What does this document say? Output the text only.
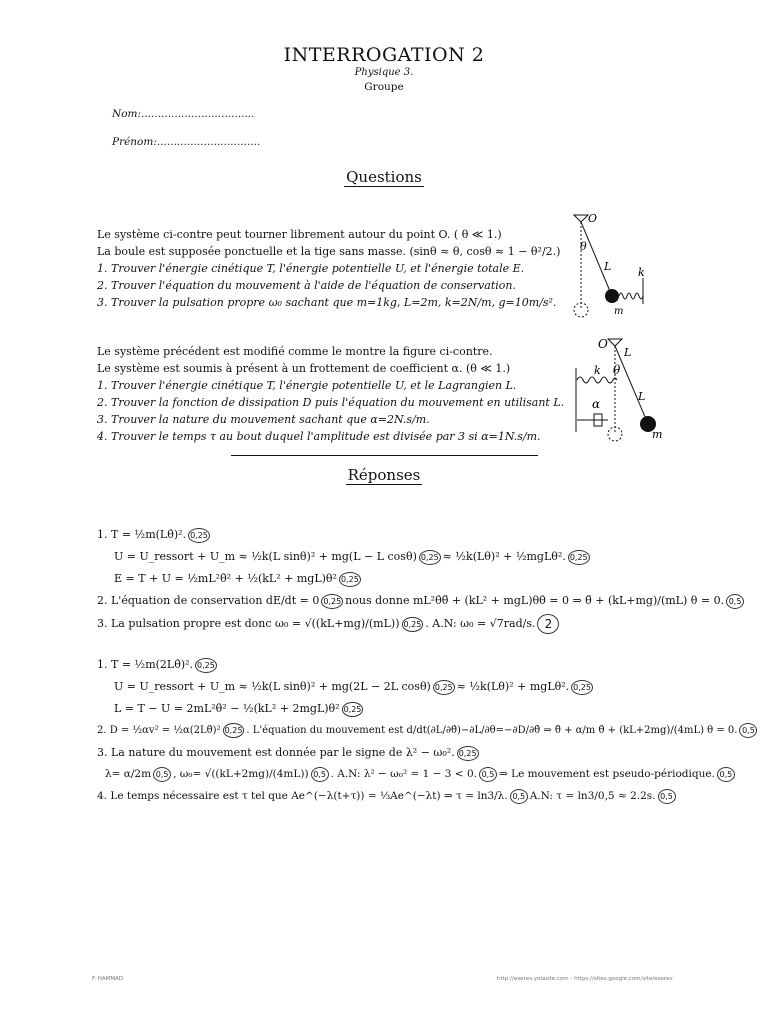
INTERROGATION 2
Physique 3.
Groupe
Nom:..................................
Prénom:...............................
Questions
Le système ci-contre peut tourner librement autour du point O. ( θ ≪ 1.)
La boule est supposée ponctuelle et la tige sans masse. (sinθ ≈ θ, cosθ ≈ 1 − θ²/2.)
1. Trouver l'énergie cinétique T, l'énergie potentielle U, et l'énergie totale E.
2. Trouver l'équation du mouvement à l'aide de l'équation de conservation.
3. Trouver la pulsation propre ω₀ sachant que m=1kg, L=2m, k=2N/m, g=10m/s².
O
θ
L k
m
Le système précédent est modifié comme le montre la figure ci-contre.
Le système est soumis à présent à un frottement de coefficient α. (θ ≪ 1.)
1. Trouver l'énergie cinétique T, l'énergie potentielle U, et le Lagrangien L.
2. Trouver la fonction de dissipation D puis l'équation du mouvement en utilisant L.
3. Trouver la nature du mouvement sachant que α=2N.s/m.
4. Trouver le temps τ au bout duquel l'amplitude est divisée par 3 si α=1N.s/m.
O
L
θ
k
L
α
m
Réponses
1. T = ½m(Lθ̇)². 0,25
U = U_ressort + U_m ≈ ½k(L sinθ)² + mg(L − L cosθ) 0,25 ≈ ½k(Lθ)² + ½mgLθ². 0,25
E = T + U = ½mL²θ̇² + ½(kL² + mgL)θ² 0,25
2. L'équation de conservation dE/dt = 0 0,25 nous donne mL²θ̇θ̈ + (kL² + mgL)θθ̇ = 0 ⇒ θ̈ + (kL+mg)/(mL) θ = 0. 0,5
3. La pulsation propre est donc ω₀ = √((kL+mg)/(mL)) 0,25 . A.N: ω₀ = √7rad/s. 2
1. T = ½m(2Lθ̇)². 0,25
U = U_ressort + U_m ≈ ½k(L sinθ)² + mg(2L − 2L cosθ) 0,25 ≈ ½k(Lθ)² + mgLθ². 0,25
L = T − U = 2mL²θ̇² − ½(kL² + 2mgL)θ² 0,25
2. D = ½αv² = ½α(2Lθ̇)² 0,25 . L'équation du mouvement est d/dt(∂L/∂θ̇)−∂L/∂θ=−∂D/∂θ̇ ⇒ θ̈ + α/m θ̇ + (kL+2mg)/(4mL) θ = 0. 0,5
3. La nature du mouvement est donnée par le signe de λ² − ω₀². 0,25
λ= α/2m 0,5 , ω₀= √((kL+2mg)/(4mL)) 0,5 . A.N: λ² − ω₀² = 1 − 3 < 0. 0,5 ⇒ Le mouvement est pseudo-périodique. 0,5
4. Le temps nécessaire est τ tel que Ae^(−λ(t+τ)) = ⅓Ae^(−λt) ⇒ τ = ln3/λ. 0,5 A.N: τ = ln3/0,5 ≈ 2.2s. 0,5
F. HAMMAD	http://exerev.yolasite.com - https://sites.google.com/site/exerev
